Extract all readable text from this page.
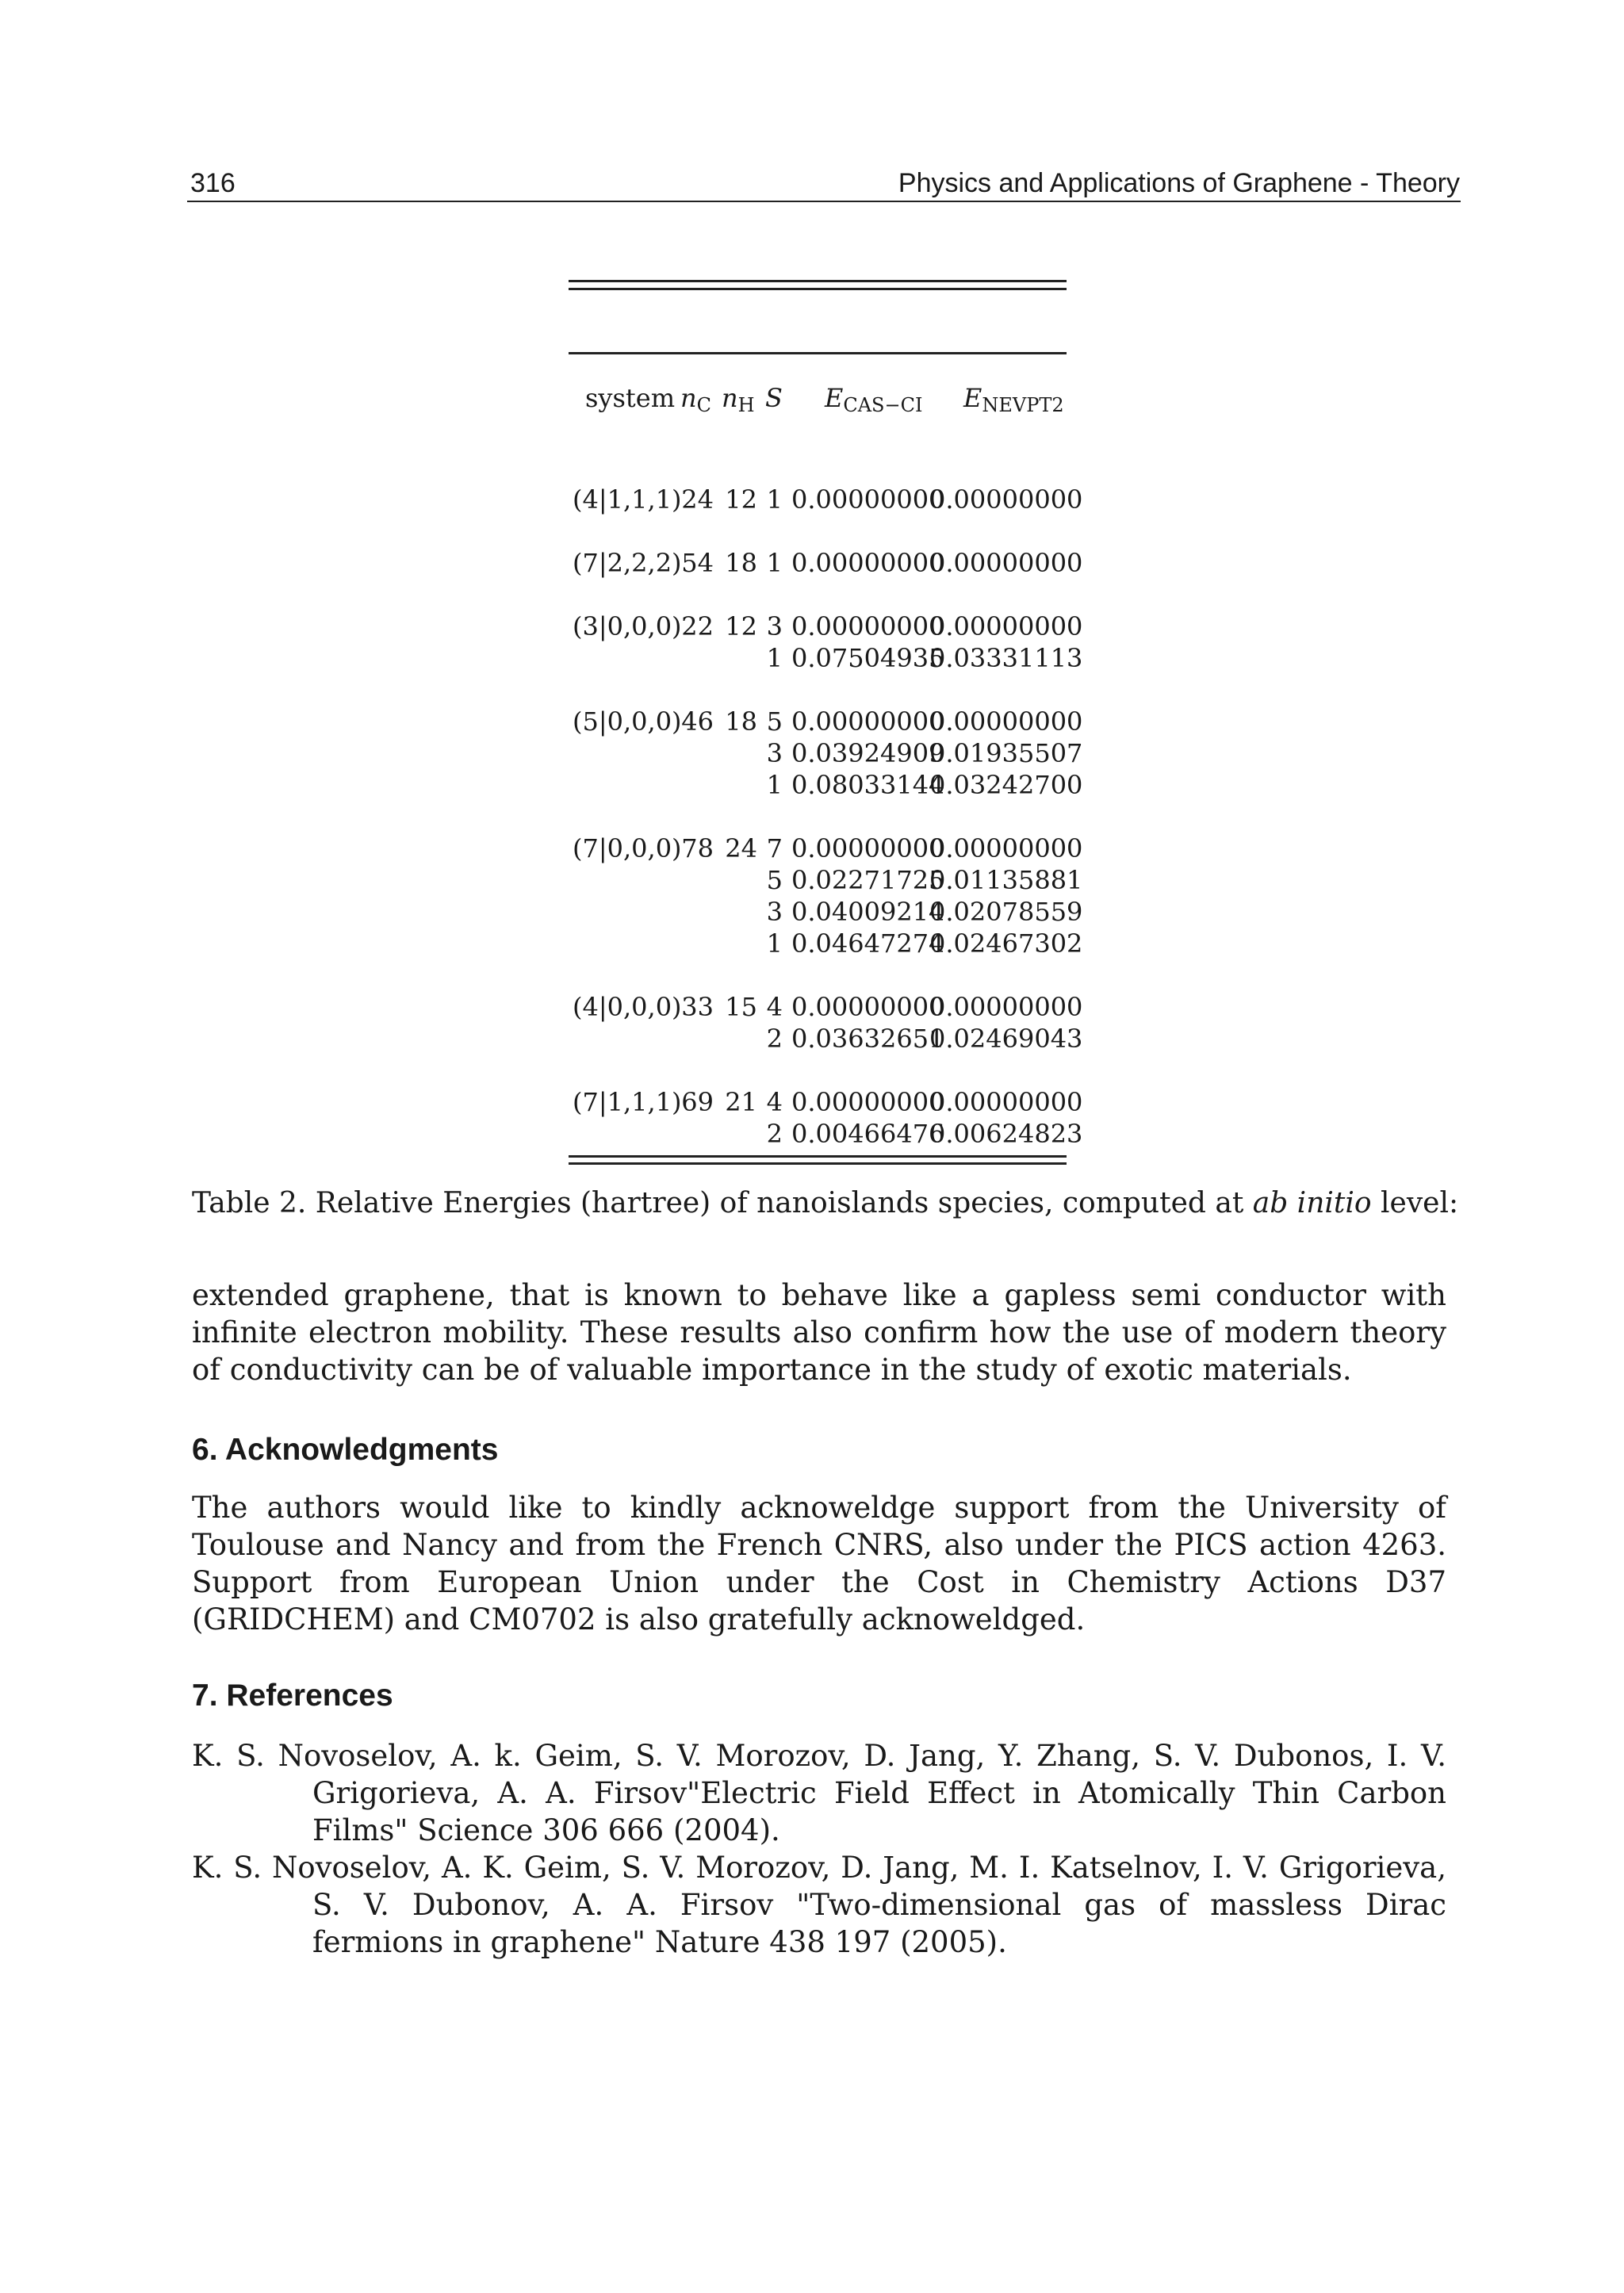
316	Physics and Applications of Graphene - Theory
system $n_C$ $n_H$ S $E_{CAS-CI}$ $E_{NEVPT2}$
(4|1,1,1) 24 12 1 0.00000000
0.00000000
(7|2,2,2) 54 18 1 0.00000000
0.00000000
(3|0,0,0) 22 12 3 0.00000000
0.00000000
1 0.07504935
0.03331113
(5|0,0,0) 46 18 5 0.00000000
0.00000000
3 0.03924909
0.01935507
1 0.08033144
0.03242700
(7|0,0,0) 78 24 7 0.00000000
0.00000000
5 0.02271725
0.01135881
3 0.04009214
0.02078559
1 0.04647274
0.02467302
(4|0,0,0) 33 15 4 0.00000000
0.00000000
2 0.03632651
0.02469043
(7|1,1,1) 69 21 4 0.00000000
0.00000000
2 0.00466476
0.00624823
Table 2. Relative Energies (hartree) of nanoislands species, computed at ab initio level:
extended graphene, that is known to behave like a gapless semi conductor with infinite electron mobility. These results also confirm how the use of modern theory of conductivity can be of valuable importance in the study of exotic materials.
6. Acknowledgments
The authors would like to kindly acknoweldge support from the University of Toulouse and Nancy and from the French CNRS, also under the PICS action 4263. Support from European Union under the Cost in Chemistry Actions D37 (GRIDCHEM) and CM0702 is also gratefully acknoweldged.
7. References
K. S. Novoselov, A. k. Geim, S. V. Morozov, D. Jang, Y. Zhang, S. V. Dubonos, I. V. Grigorieva, A. A. Firsov"Electric Field Effect in Atomically Thin Carbon Films" Science 306 666 (2004).
K. S. Novoselov, A. K. Geim, S. V. Morozov, D. Jang, M. I. Katselnov, I. V. Grigorieva, S. V. Dubonov, A. A. Firsov "Two-dimensional gas of massless Dirac fermions in graphene" Nature 438 197 (2005).
